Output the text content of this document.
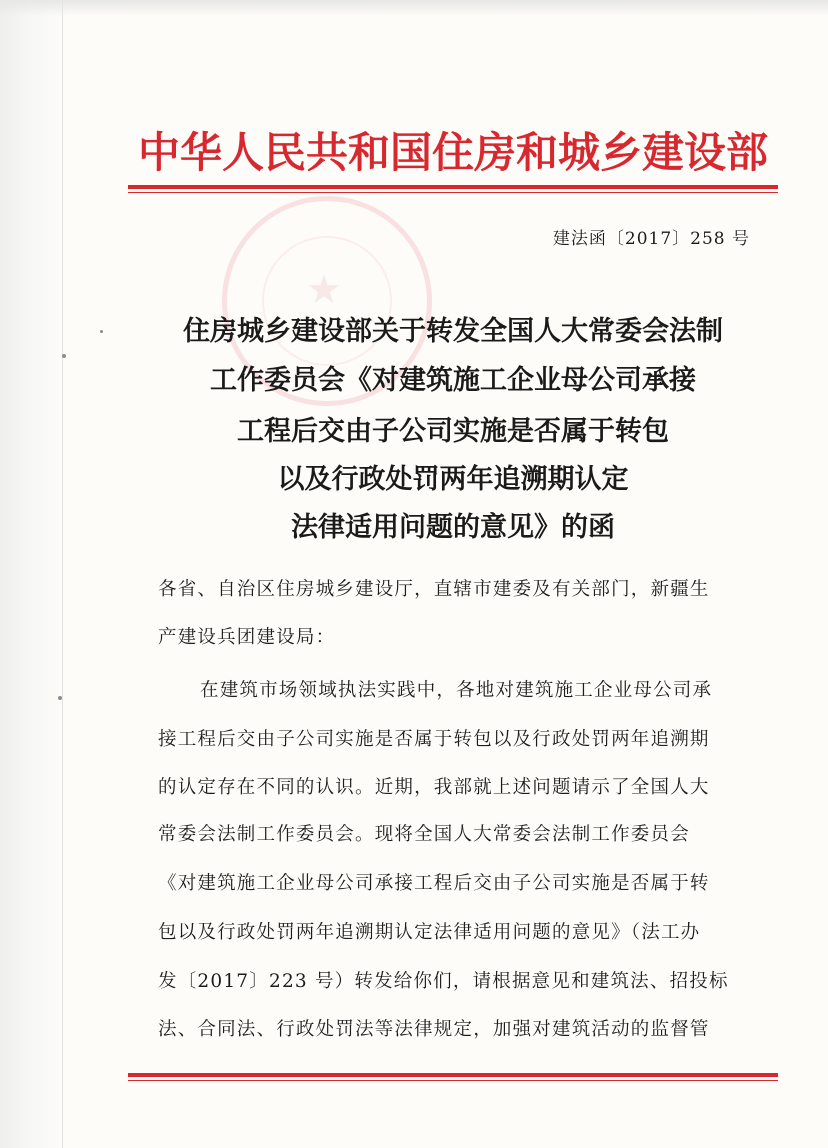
中华人民共和国住房和城乡建设部
★
建法函〔2017〕258 号
住房城乡建设部关于转发全国人大常委会法制
工作委员会《对建筑施工企业母公司承接
工程后交由子公司实施是否属于转包
以及行政处罚两年追溯期认定
法律适用问题的意见》的函
各省、自治区住房城乡建设厅，直辖市建委及有关部门，新疆生
产建设兵团建设局：
在建筑市场领域执法实践中，各地对建筑施工企业母公司承
接工程后交由子公司实施是否属于转包以及行政处罚两年追溯期
的认定存在不同的认识。近期，我部就上述问题请示了全国人大
常委会法制工作委员会。现将全国人大常委会法制工作委员会
《对建筑施工企业母公司承接工程后交由子公司实施是否属于转
包以及行政处罚两年追溯期认定法律适用问题的意见》（法工办
发〔2017〕223 号）转发给你们，请根据意见和建筑法、招投标
法、合同法、行政处罚法等法律规定，加强对建筑活动的监督管
